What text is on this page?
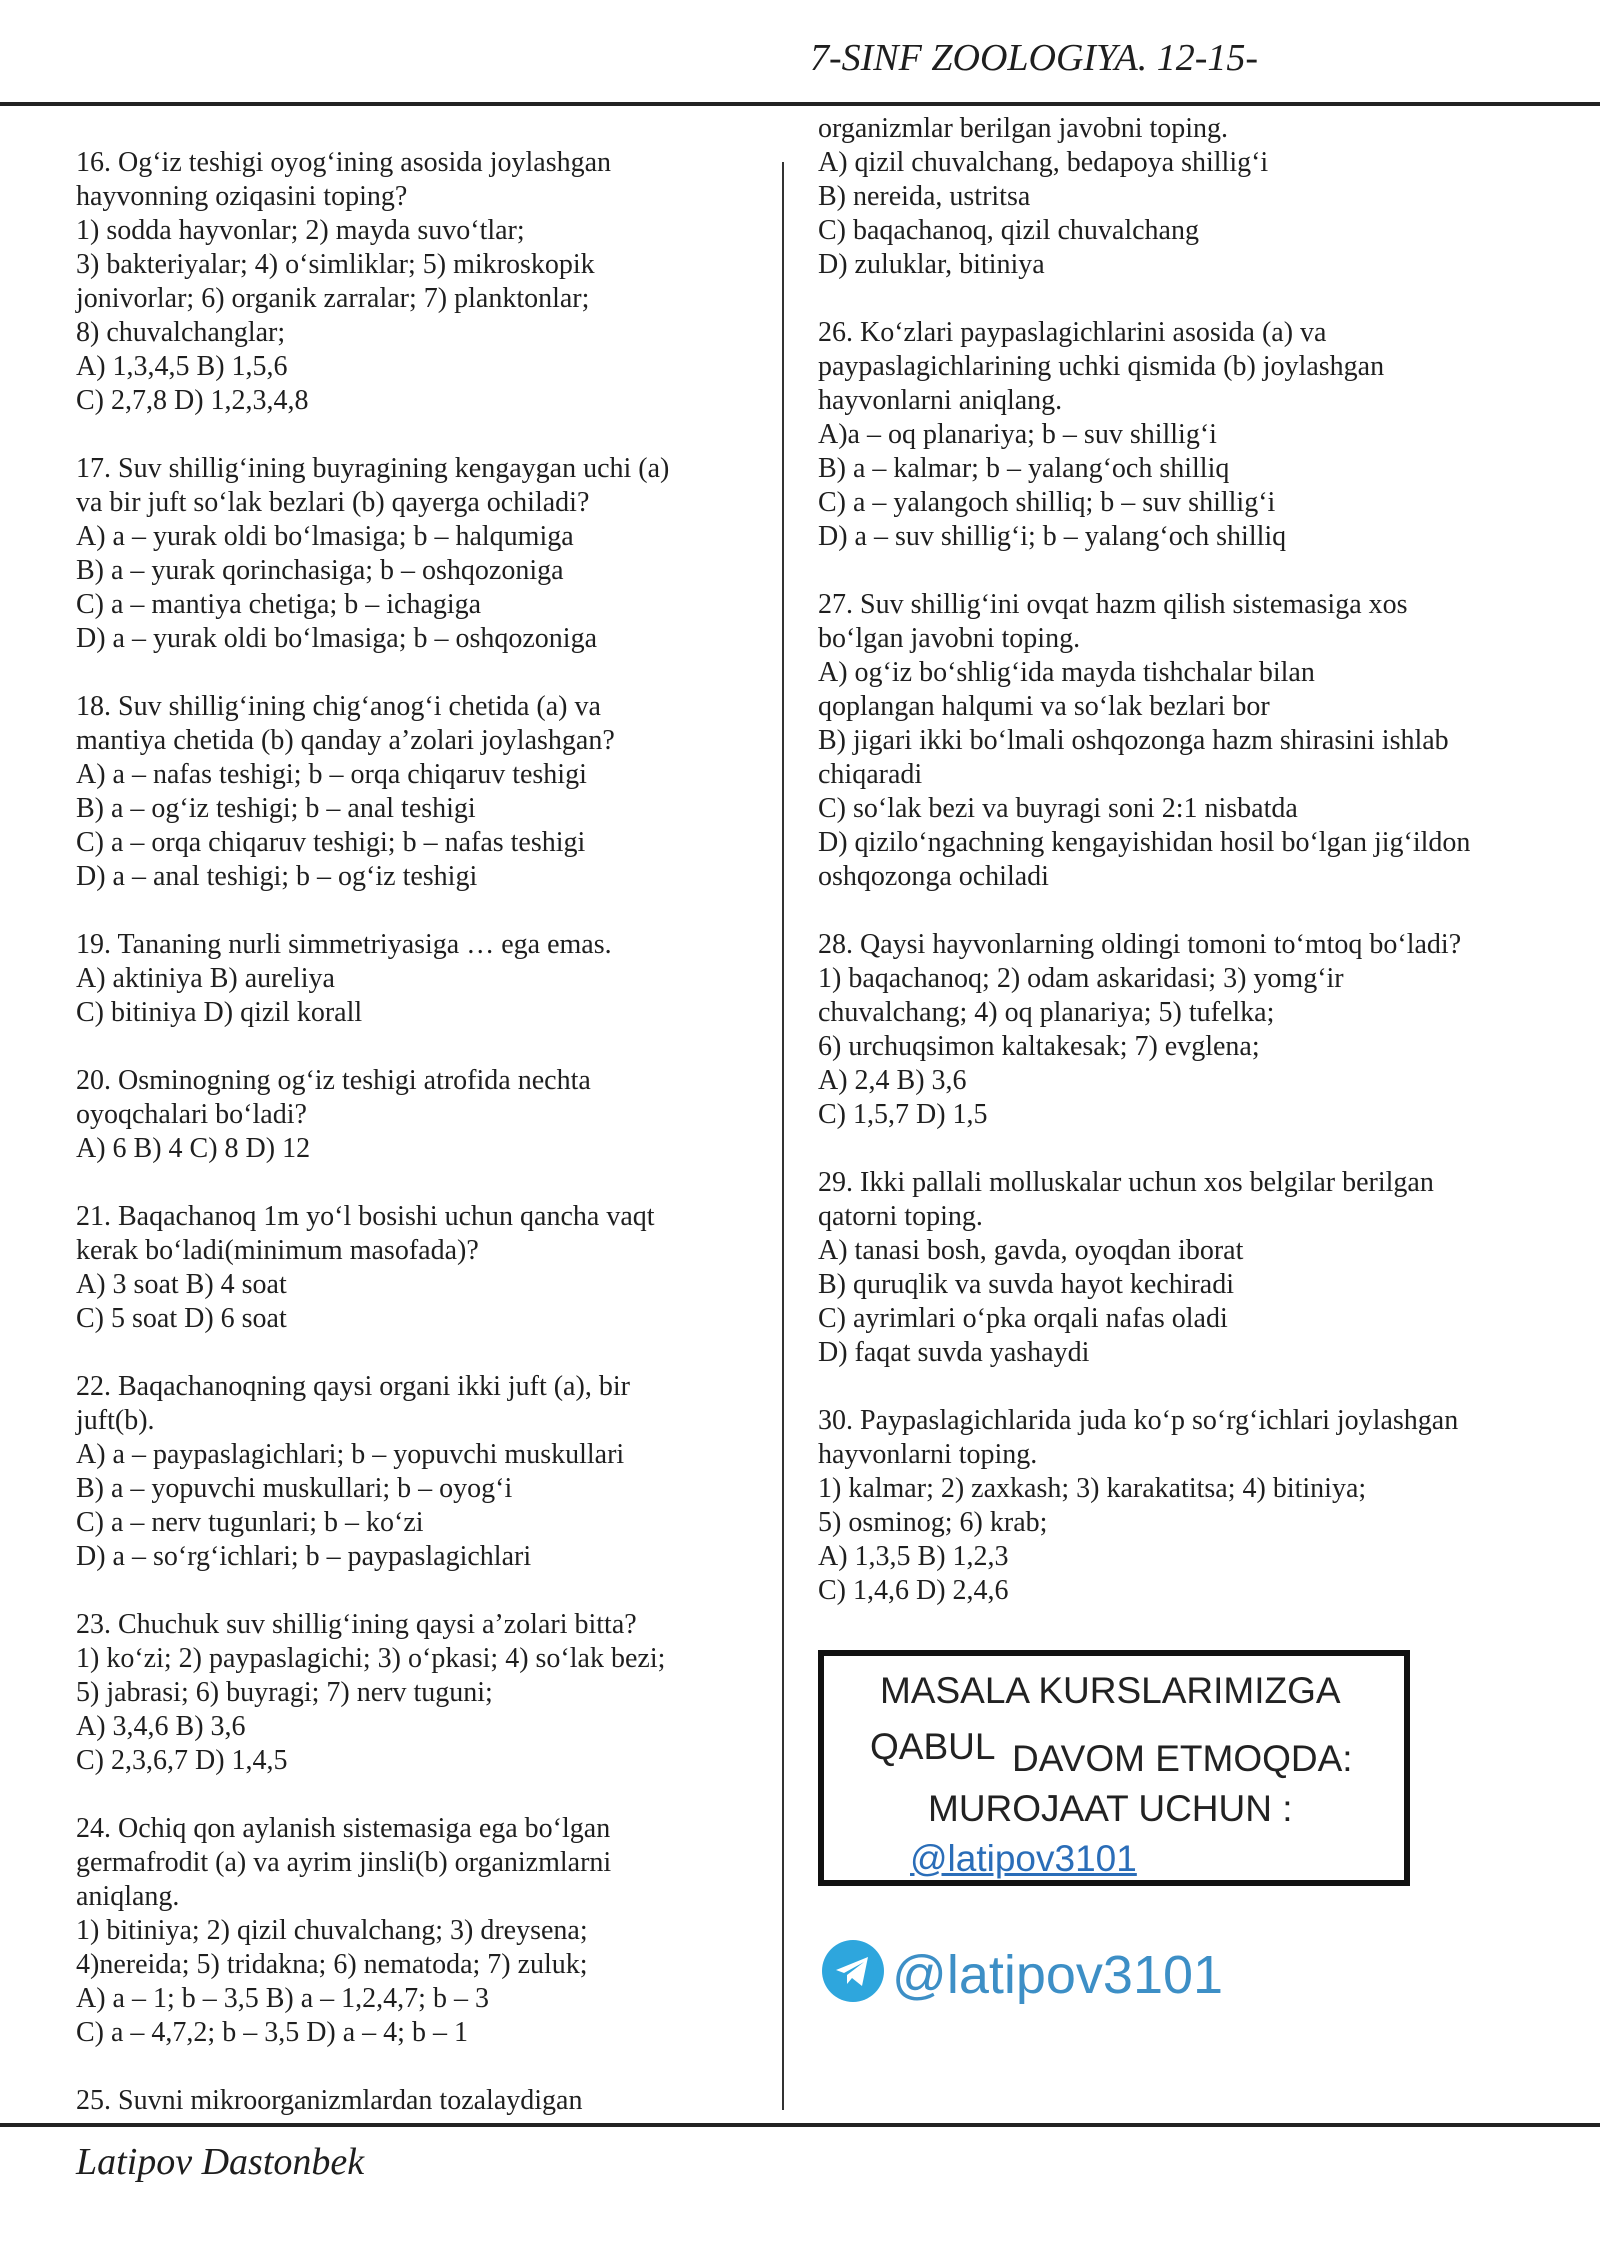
7-SINF ZOOLOGIYA. 12-15-
16. Og‘iz teshigi oyog‘ining asosida joylashgan
hayvonning oziqasini toping?
1) sodda hayvonlar; 2) mayda suvo‘tlar;
3) bakteriyalar; 4) o‘simliklar; 5) mikroskopik
jonivorlar; 6) organik zarralar; 7) planktonlar;
8) chuvalchanglar;
A) 1,3,4,5 B) 1,5,6
C) 2,7,8 D) 1,2,3,4,8
17. Suv shillig‘ining buyragining kengaygan uchi (a)
va bir juft so‘lak bezlari (b) qayerga ochiladi?
A) a – yurak oldi bo‘lmasiga; b – halqumiga
B) a – yurak qorinchasiga; b – oshqozoniga
C) a – mantiya chetiga; b – ichagiga
D) a – yurak oldi bo‘lmasiga; b – oshqozoniga
18. Suv shillig‘ining chig‘anog‘i chetida (a) va
mantiya chetida (b) qanday a’zolari joylashgan?
A) a – nafas teshigi; b – orqa chiqaruv teshigi
B) a – og‘iz teshigi; b – anal teshigi
C) a – orqa chiqaruv teshigi; b – nafas teshigi
D) a – anal teshigi; b – og‘iz teshigi
19. Tananing nurli simmetriyasiga … ega emas.
A) aktiniya B) aureliya
C) bitiniya D) qizil korall
20. Osminogning og‘iz teshigi atrofida nechta
oyoqchalari bo‘ladi?
A) 6 B) 4 C) 8 D) 12
21. Baqachanoq 1m yo‘l bosishi uchun qancha vaqt
kerak bo‘ladi(minimum masofada)?
A) 3 soat B) 4 soat
C) 5 soat D) 6 soat
22. Baqachanoqning qaysi organi ikki juft (a), bir
juft(b).
A) a – paypaslagichlari; b – yopuvchi muskullari
B) a – yopuvchi muskullari; b – oyog‘i
C) a – nerv tugunlari; b – ko‘zi
D) a – so‘rg‘ichlari; b – paypaslagichlari
23. Chuchuk suv shillig‘ining qaysi a’zolari bitta?
1) ko‘zi; 2) paypaslagichi; 3) o‘pkasi; 4) so‘lak bezi;
5) jabrasi; 6) buyragi; 7) nerv tuguni;
A) 3,4,6 B) 3,6
C) 2,3,6,7 D) 1,4,5
24. Ochiq qon aylanish sistemasiga ega bo‘lgan
germafrodit (a) va ayrim jinsli(b) organizmlarni
aniqlang.
1) bitiniya; 2) qizil chuvalchang; 3) dreysena;
4)nereida; 5) tridakna; 6) nematoda; 7) zuluk;
A) a – 1; b – 3,5 B) a – 1,2,4,7; b – 3
C) a – 4,7,2; b – 3,5 D) a – 4; b – 1
25. Suvni mikroorganizmlardan tozalaydigan
organizmlar berilgan javobni toping.
A) qizil chuvalchang, bedapoya shillig‘i
B) nereida, ustritsa
C) baqachanoq, qizil chuvalchang
D) zuluklar, bitiniya
26. Ko‘zlari paypaslagichlarini asosida (a) va
paypaslagichlarining uchki qismida (b) joylashgan
hayvonlarni aniqlang.
A)a – oq planariya; b – suv shillig‘i
B) a – kalmar; b – yalang‘och shilliq
C) a – yalangoch shilliq; b – suv shillig‘i
D) a – suv shillig‘i; b – yalang‘och shilliq
27. Suv shillig‘ini ovqat hazm qilish sistemasiga xos
bo‘lgan javobni toping.
A) og‘iz bo‘shlig‘ida mayda tishchalar bilan
qoplangan halqumi va so‘lak bezlari bor
B) jigari ikki bo‘lmali oshqozonga hazm shirasini ishlab
chiqaradi
C) so‘lak bezi va buyragi soni 2:1 nisbatda
D) qizilo‘ngachning kengayishidan hosil bo‘lgan jig‘ildon
oshqozonga ochiladi
28. Qaysi hayvonlarning oldingi tomoni to‘mtoq bo‘ladi?
1) baqachanoq; 2) odam askaridasi; 3) yomg‘ir
chuvalchang; 4) oq planariya; 5) tufelka;
6) urchuqsimon kaltakesak; 7) evglena;
A) 2,4 B) 3,6
C) 1,5,7 D) 1,5
29. Ikki pallali molluskalar uchun xos belgilar berilgan
qatorni toping.
A) tanasi bosh, gavda, oyoqdan iborat
B) quruqlik va suvda hayot kechiradi
C) ayrimlari o‘pka orqali nafas oladi
D) faqat suvda yashaydi
30. Paypaslagichlarida juda ko‘p so‘rg‘ichlari joylashgan
hayvonlarni toping.
1) kalmar; 2) zaxkash; 3) karakatitsa; 4) bitiniya;
5) osminog; 6) krab;
A) 1,3,5 B) 1,2,3
C) 1,4,6 D) 2,4,6
MASALA KURSLARIMIZGA
QABUL DAVOM ETMOQDA:
MUROJAAT UCHUN :
@latipov3101
@latipov3101
Latipov Dastonbek
